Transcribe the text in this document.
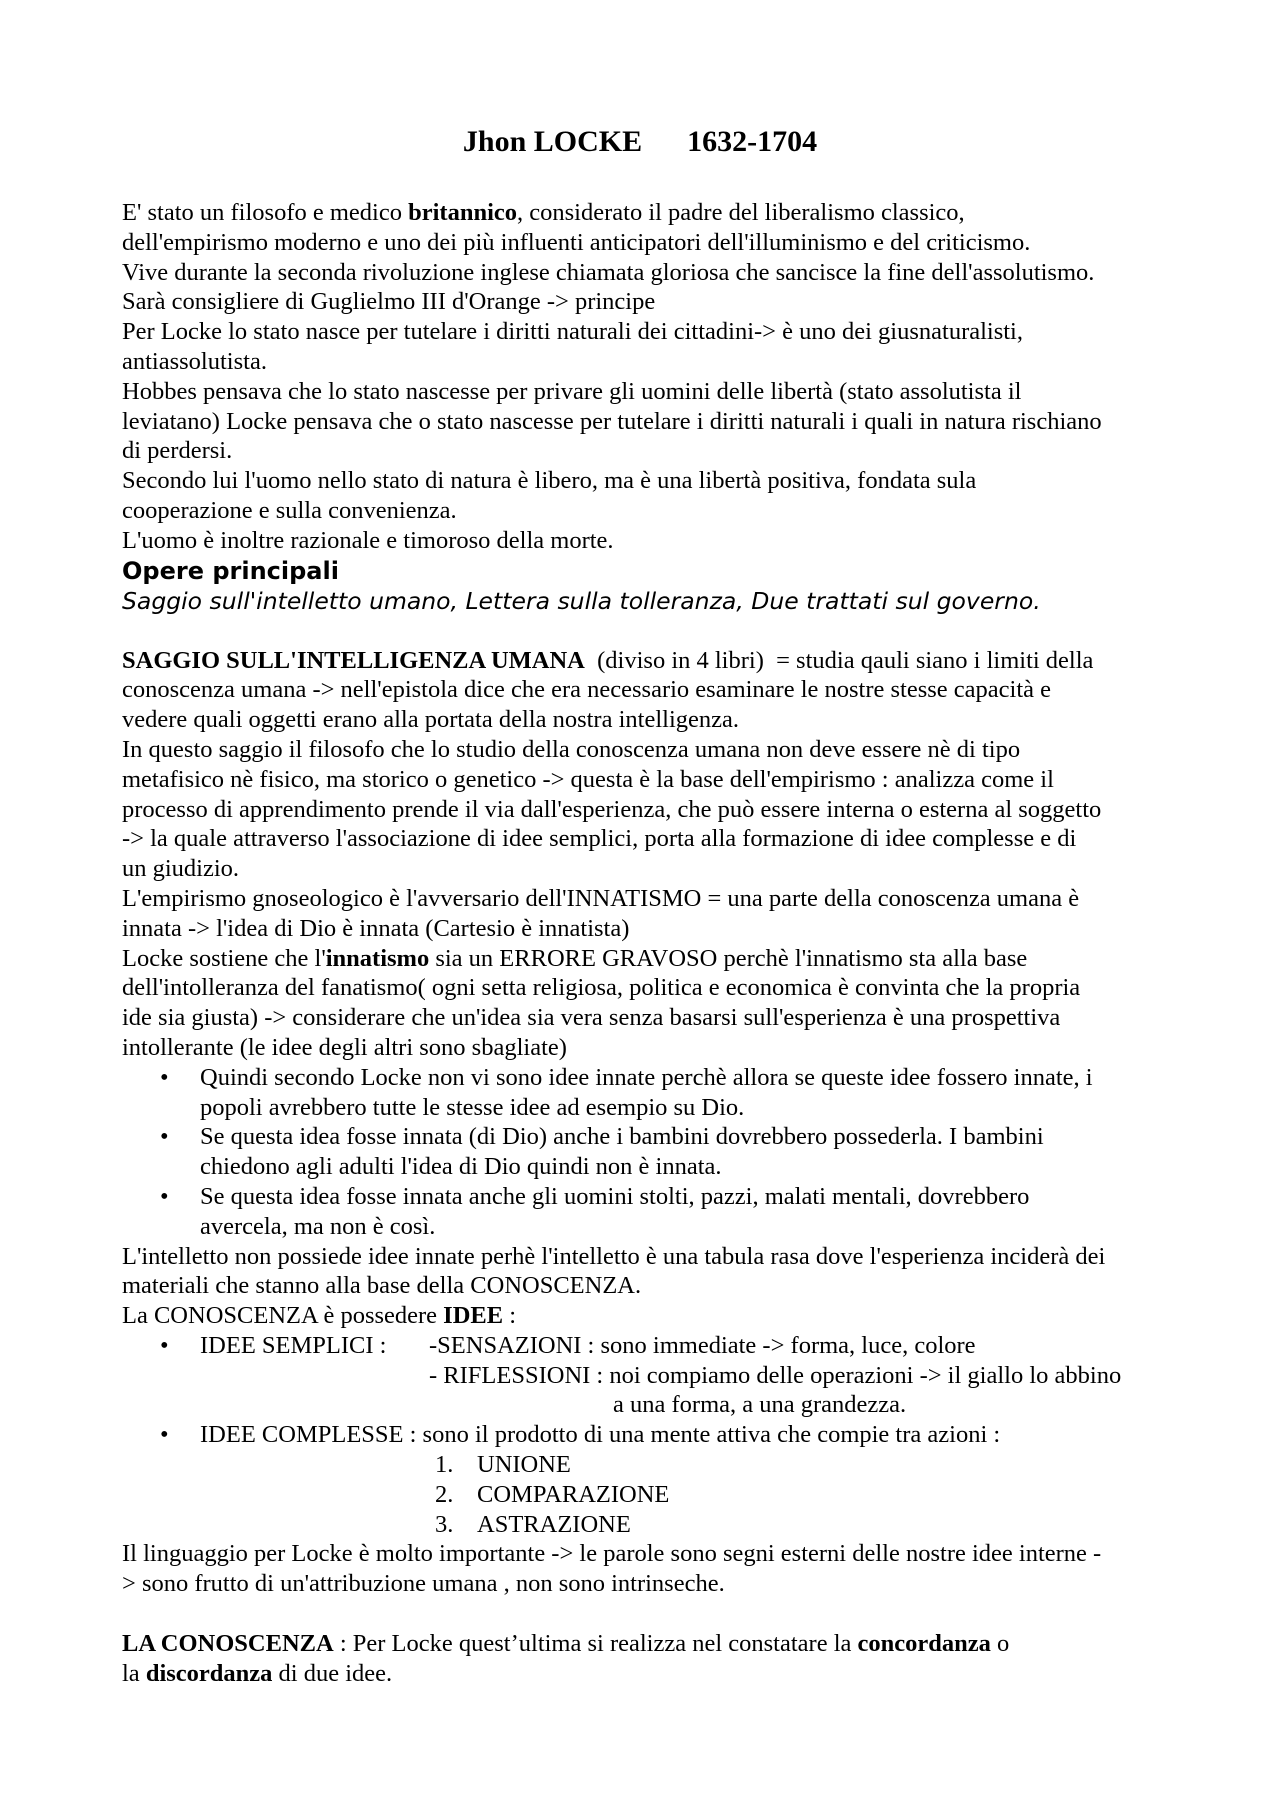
Jhon LOCKE      1632-1704

E' stato un filosofo e medico britannico, considerato il padre del liberalismo classico,

dell'empirismo moderno e uno dei più influenti anticipatori dell'illuminismo e del criticismo.

Vive durante la seconda rivoluzione inglese chiamata gloriosa che sancisce la fine dell'assolutismo.

Sarà consigliere di Guglielmo III d'Orange -> principe

Per Locke lo stato nasce per tutelare i diritti naturali dei cittadini-> è uno dei giusnaturalisti,

antiassolutista.

Hobbes pensava che lo stato nascesse per privare gli uomini delle libertà (stato assolutista il

leviatano) Locke pensava che o stato nascesse per tutelare i diritti naturali i quali in natura rischiano

di perdersi.

Secondo lui l'uomo nello stato di natura è libero, ma è una libertà positiva, fondata sula

cooperazione e sulla convenienza.

L'uomo è inoltre razionale e timoroso della morte.

Opere principali

Saggio sull'intelletto umano, Lettera sulla tolleranza, Due trattati sul governo.

SAGGIO SULL'INTELLIGENZA UMANA  (diviso in 4 libri)  = studia qauli siano i limiti della

conoscenza umana -> nell'epistola dice che era necessario esaminare le nostre stesse capacità e

vedere quali oggetti erano alla portata della nostra intelligenza.

In questo saggio il filosofo che lo studio della conoscenza umana non deve essere nè di tipo

metafisico nè fisico, ma storico o genetico -> questa è la base dell'empirismo : analizza come il

processo di apprendimento prende il via dall'esperienza, che può essere interna o esterna al soggetto

-> la quale attraverso l'associazione di idee semplici, porta alla formazione di idee complesse e di

un giudizio.

L'empirismo gnoseologico è l'avversario dell'INNATISMO = una parte della conoscenza umana è

innata -> l'idea di Dio è innata (Cartesio è innatista)

Locke sostiene che l'innatismo sia un ERRORE GRAVOSO perchè l'innatismo sta alla base

dell'intolleranza del fanatismo( ogni setta religiosa, politica e economica è convinta che la propria

ide sia giusta) -> considerare che un'idea sia vera senza basarsi sull'esperienza è una prospettiva

intollerante (le idee degli altri sono sbagliate)

• Quindi secondo Locke non vi sono idee innate perchè allora se queste idee fossero innate, i
popoli avrebbero tutte le stesse idee ad esempio su Dio.
• Se questa idea fosse innata (di Dio) anche i bambini dovrebbero possederla. I bambini
chiedono agli adulti l'idea di Dio quindi non è innata.
• Se questa idea fosse innata anche gli uomini stolti, pazzi, malati mentali, dovrebbero
avercela, ma non è così.

L'intelletto non possiede idee innate perhè l'intelletto è una tabula rasa dove l'esperienza inciderà dei

materiali che stanno alla base della CONOSCENZA.

La CONOSCENZA è possedere IDEE :

• IDEE SEMPLICI :	-SENSAZIONI : sono immediate -> forma, luce, colore

- RIFLESSIONI : noi compiamo delle operazioni -> il giallo lo abbino

a una forma, a una grandezza.

• IDEE COMPLESSE : sono il prodotto di una mente attiva che compie tra azioni :
1. UNIONE
2. COMPARAZIONE
3. ASTRAZIONE

Il linguaggio per Locke è molto importante -> le parole sono segni esterni delle nostre idee interne -

> sono frutto di un'attribuzione umana , non sono intrinseche.

LA CONOSCENZA : Per Locke quest’ultima si realizza nel constatare la concordanza o

la discordanza di due idee.
